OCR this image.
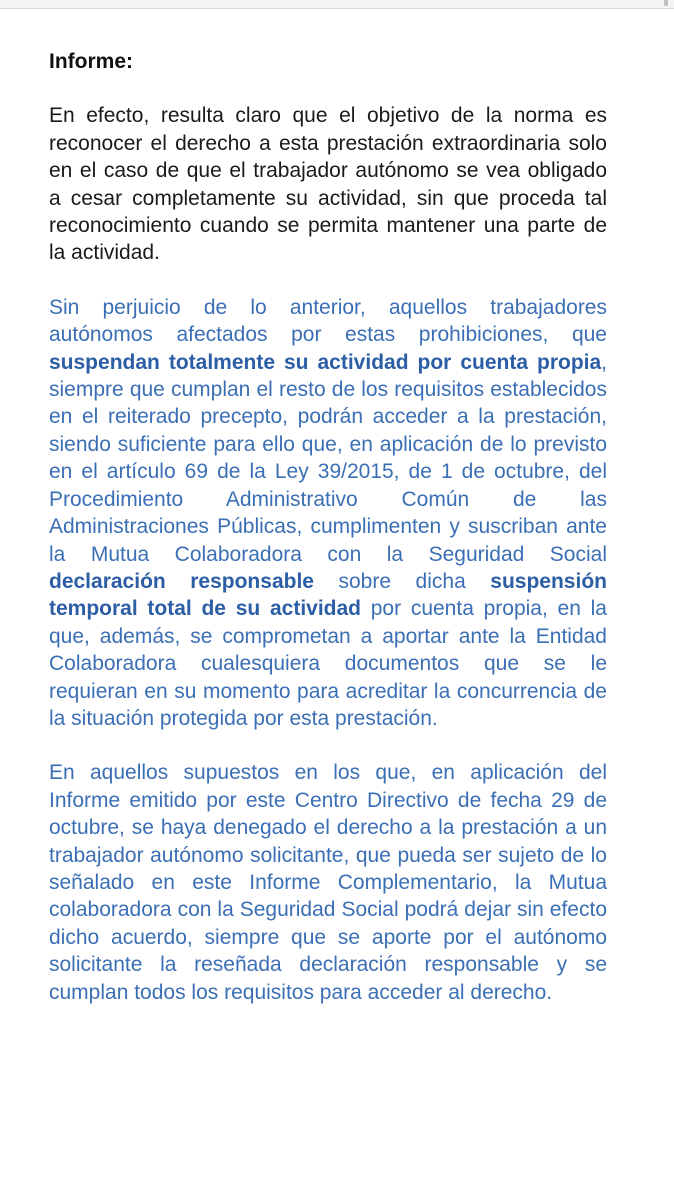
Informe:

En efecto, resulta claro que el objetivo de la norma es reconocer el derecho a esta prestación extraordinaria solo en el caso de que el trabajador autónomo se vea obligado a cesar completamente su actividad, sin que proceda tal reconocimiento cuando se permita mantener una parte de la actividad.

Sin perjuicio de lo anterior, aquellos trabajadores autónomos afectados por estas prohibiciones, que suspendan totalmente su actividad por cuenta propia, siempre que cumplan el resto de los requisitos establecidos en el reiterado precepto, podrán acceder a la prestación, siendo suficiente para ello que, en aplicación de lo previsto en el artículo 69 de la Ley 39/2015, de 1 de octubre, del Procedimiento Administrativo Común de las Administraciones Públicas, cumplimenten y suscriban ante la Mutua Colaboradora con la Seguridad Social declaración responsable sobre dicha suspensión temporal total de su actividad por cuenta propia, en la que, además, se comprometan a aportar ante la Entidad Colaboradora cualesquiera documentos que se le requieran en su momento para acreditar la concurrencia de la situación protegida por esta prestación.

En aquellos supuestos en los que, en aplicación del Informe emitido por este Centro Directivo de fecha 29 de octubre, se haya denegado el derecho a la prestación a un trabajador autónomo solicitante, que pueda ser sujeto de lo señalado en este Informe Complementario, la Mutua colaboradora con la Seguridad Social podrá dejar sin efecto dicho acuerdo, siempre que se aporte por el autónomo solicitante la reseñada declaración responsable y se cumplan todos los requisitos para acceder al derecho.
